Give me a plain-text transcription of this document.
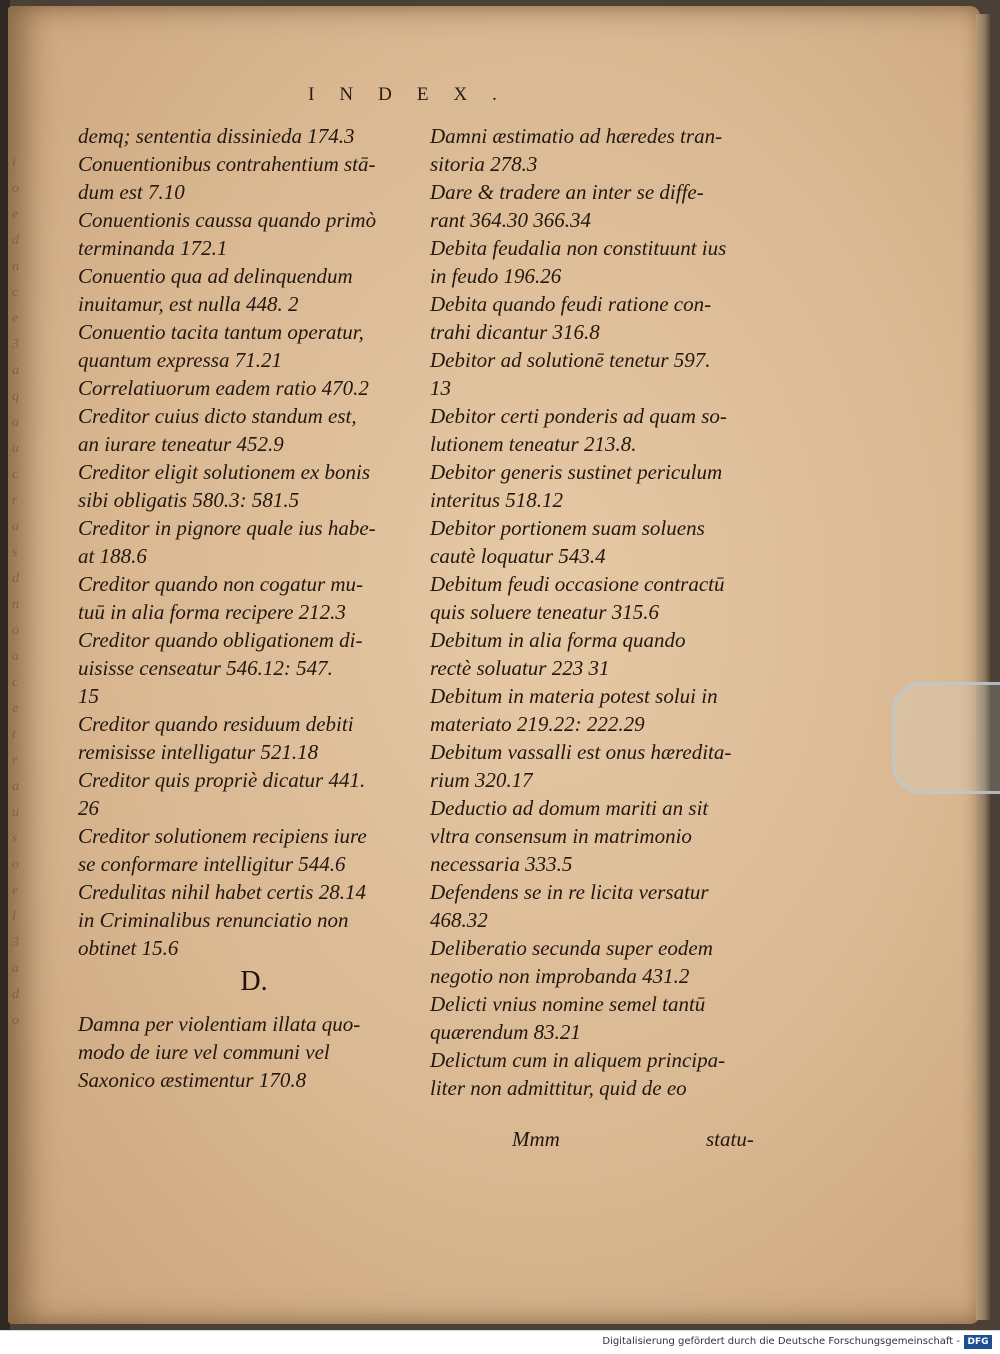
i
o
e
d
n
c
e
3
a
q
a
u
c
r
a
s
d
n
o
a
c
e
t
r
a
u
s
o
e
l
3
a
d
o
INDEX.
demq; sententia dissinieda 174.3
Conuentionibus contrahentium stā-
dum est 7.10
Conuentionis caussa quando primò
terminanda 172.1
Conuentio qua ad delinquendum
inuitamur, est nulla 448. 2
Conuentio tacita tantum operatur,
quantum expressa 71.21
Correlatiuorum eadem ratio 470.2
Creditor cuius dicto standum est,
an iurare teneatur 452.9
Creditor eligit solutionem ex bonis
sibi obligatis 580.3: 581.5
Creditor in pignore quale ius habe-
at 188.6
Creditor quando non cogatur mu-
tuū in alia forma recipere 212.3
Creditor quando obligationem di-
uisisse censeatur 546.12: 547.
15
Creditor quando residuum debiti
remisisse intelligatur 521.18
Creditor quis propriè dicatur 441.
26
Creditor solutionem recipiens iure
se conformare intelligitur 544.6
Credulitas nihil habet certis 28.14
in Criminalibus renunciatio non
obtinet 15.6
D.
Damna per violentiam illata quo-
modo de iure vel communi vel
Saxonico æstimentur 170.8
Damni æstimatio ad hæredes tran-
sitoria 278.3
Dare & tradere an inter se diffe-
rant 364.30 366.34
Debita feudalia non constituunt ius
in feudo 196.26
Debita quando feudi ratione con-
trahi dicantur 316.8
Debitor ad solutionē tenetur 597.
13
Debitor certi ponderis ad quam so-
lutionem teneatur 213.8.
Debitor generis sustinet periculum
interitus 518.12
Debitor portionem suam soluens
cautè loquatur 543.4
Debitum feudi occasione contractū
quis soluere teneatur 315.6
Debitum in alia forma quando
rectè soluatur 223 31
Debitum in materia potest solui in
materiato 219.22: 222.29
Debitum vassalli est onus hæredita-
rium 320.17
Deductio ad domum mariti an sit
vltra consensum in matrimonio
necessaria 333.5
Defendens se in re licita versatur
468.32
Deliberatio secunda super eodem
negotio non improbanda 431.2
Delicti vnius nomine semel tantū
quærendum 83.21
Delictum cum in aliquem principa-
liter non admittitur, quid de eo
Mmm	statu-
Digitalisierung gefördert durch die Deutsche Forschungsgemeinschaft - DFG
